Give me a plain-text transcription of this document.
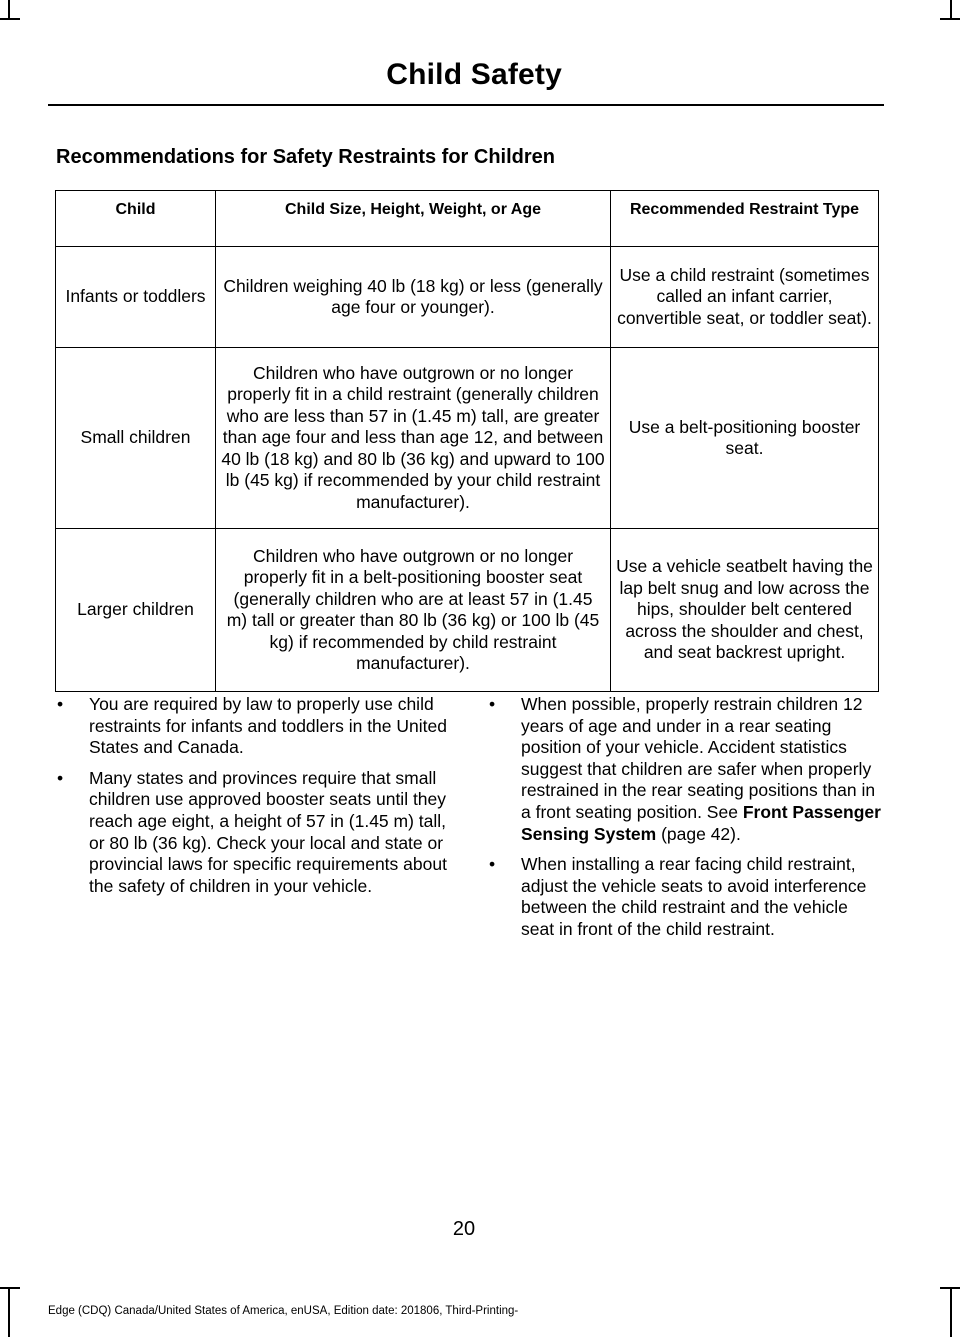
Child Safety
Recommendations for Safety Restraints for Children
Child	Child Size, Height, Weight, or Age	Recommended Restraint Type
Infants or toddlers	Children weighing 40 lb (18 kg) or less (generally age four or younger).	Use a child restraint (sometimes called an infant carrier, convertible seat, or toddler seat).
Small children	Children who have outgrown or no longer properly fit in a child restraint (generally children who are less than 57 in (1.45 m) tall, are greater than age four and less than age 12, and between 40 lb (18 kg) and 80 lb (36 kg) and upward to 100 lb (45 kg) if recommended by your child restraint manufacturer).	Use a belt-positioning booster seat.
Larger children	Children who have outgrown or no longer properly fit in a belt-positioning booster seat (generally children who are at least 57 in (1.45 m) tall or greater than 80 lb (36 kg) or 100 lb (45 kg) if recommended by child restraint manufacturer).	Use a vehicle seatbelt having the lap belt snug and low across the hips, shoulder belt centered across the shoulder and chest, and seat backrest upright.
• You are required by law to properly use child restraints for infants and toddlers in the United States and Canada.
• Many states and provinces require that small children use approved booster seats until they reach age eight, a height of 57 in (1.45 m) tall, or 80 lb (36 kg). Check your local and state or provincial laws for specific requirements about the safety of children in your vehicle.
• When possible, properly restrain children 12 years of age and under in a rear seating position of your vehicle. Accident statistics suggest that children are safer when properly restrained in the rear seating positions than in a front seating position. See Front Passenger Sensing System (page 42).
• When installing a rear facing child restraint, adjust the vehicle seats to avoid interference between the child restraint and the vehicle seat in front of the child restraint.
20
Edge (CDQ) Canada/United States of America, enUSA, Edition date: 201806, Third-Printing-
